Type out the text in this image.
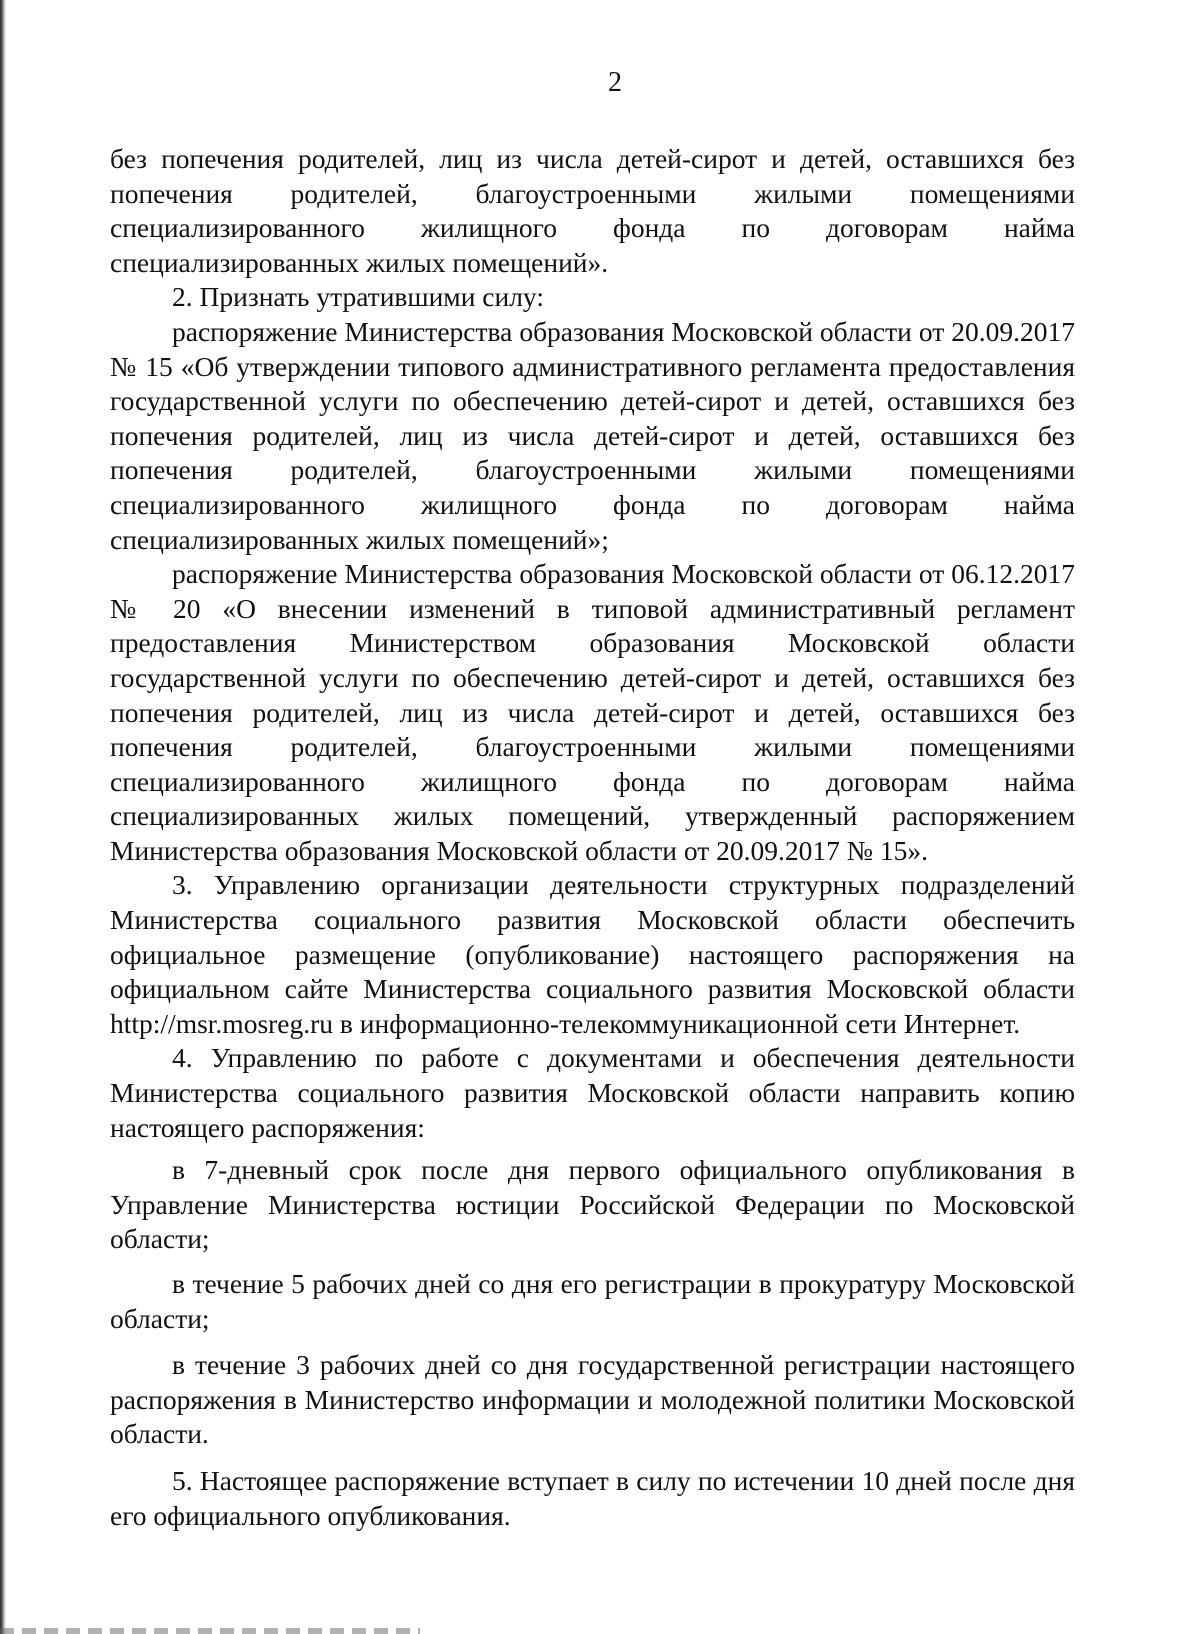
2

без попечения родителей, лиц из числа детей-сирот и детей, оставшихся без попечения родителей, благоустроенными жилыми помещениями специализированного жилищного фонда по договорам найма специализированных жилых помещений».

2. Признать утратившими силу:

распоряжение Министерства образования Московской области от 20.09.2017 № 15 «Об утверждении типового административного регламента предоставления государственной услуги по обеспечению детей-сирот и детей, оставшихся без попечения родителей, лиц из числа детей-сирот и детей, оставшихся без попечения родителей, благоустроенными жилыми помещениями специализированного жилищного фонда по договорам найма специализированных жилых помещений»;

распоряжение Министерства образования Московской области от 06.12.2017 № 20 «О внесении изменений в типовой административный регламент предоставления Министерством образования Московской области государственной услуги по обеспечению детей-сирот и детей, оставшихся без попечения родителей, лиц из числа детей-сирот и детей, оставшихся без попечения родителей, благоустроенными жилыми помещениями специализированного жилищного фонда по договорам найма специализированных жилых помещений, утвержденный распоряжением Министерства образования Московской области от 20.09.2017 № 15».

3. Управлению организации деятельности структурных подразделений Министерства социального развития Московской области обеспечить официальное размещение (опубликование) настоящего распоряжения на официальном сайте Министерства социального развития Московской области http://msr.mosreg.ru в информационно-телекоммуникационной сети Интернет.

4. Управлению по работе с документами и обеспечения деятельности Министерства социального развития Московской области направить копию настоящего распоряжения:

в 7-дневный срок после дня первого официального опубликования в Управление Министерства юстиции Российской Федерации по Московской области;

в течение 5 рабочих дней со дня его регистрации в прокуратуру Московской области;

в течение 3 рабочих дней со дня государственной регистрации настоящего распоряжения в Министерство информации и молодежной политики Московской области.

5. Настоящее распоряжение вступает в силу по истечении 10 дней после дня его официального опубликования.
